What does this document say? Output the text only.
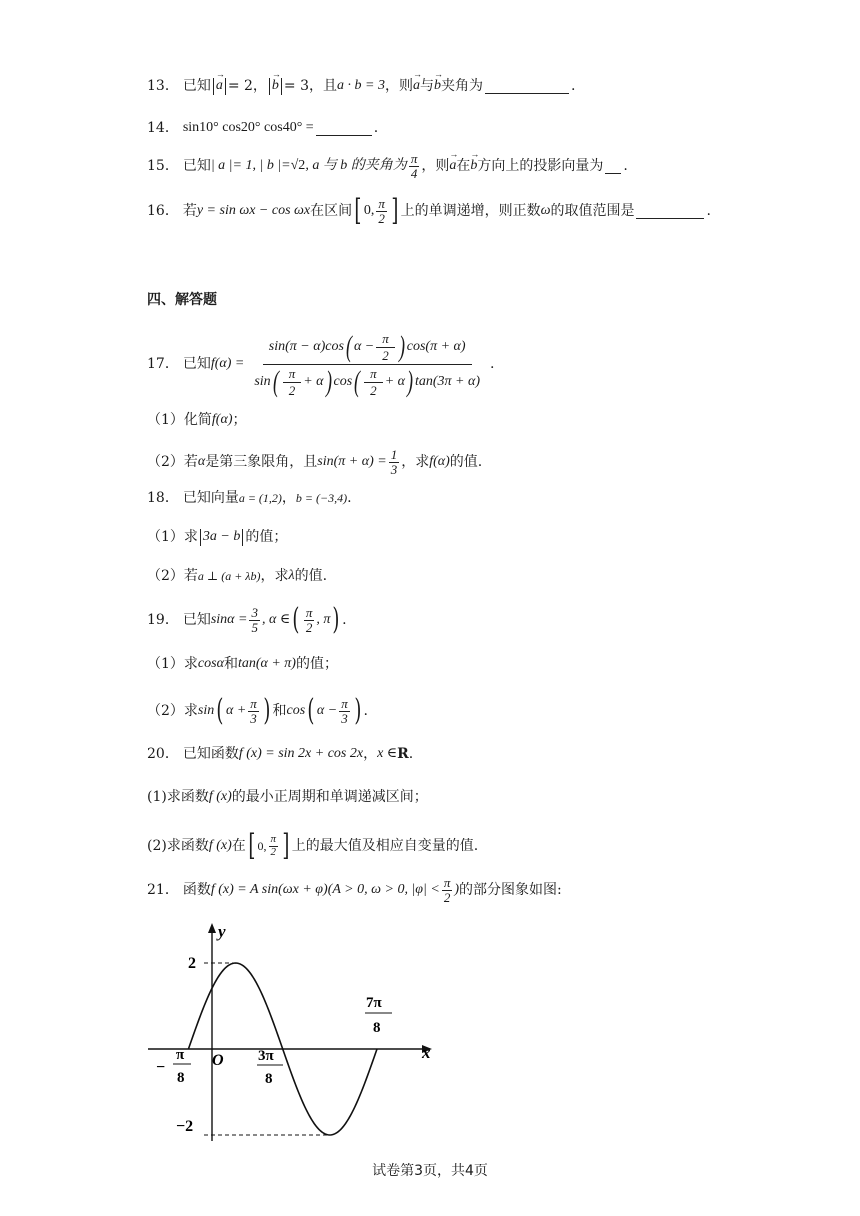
13． 已知 → a = 2， → b = 3，且 a · b = 3 ，则 → a 与 → b 夹角为	.
14． sin10° cos20° cos40° =	.
15． 已知 | a |= 1, | b |= √2 , a 与 b 的夹角为 $\frac{\pi}{4}$ ，则 → a 在 → b 方向上的投影向量为 .
16． 若 y = sin ωx − cos ωx 在区间 [ 0, $\frac{\pi}{2}$ ] 上的单调递增，则正数 ω 的取值范围是	.
四、解答题
17． 已知 f(α) =
sin(π − α)cos ( $\alpha - \frac{\pi}{2}$ ) cos(π + α)
sin ( $\frac{\pi}{2} + \alpha$ ) cos ( $\frac{\pi}{2} + \alpha$ ) tan(3π + α)
.
（1）化简 f(α) ；
（2）若 α 是第三象限角，且 $\sin(\pi + \alpha) = \frac{1}{3}$ ，求 f(α) 的值.
18． 已知向量 a = (1,2) ， b = (−3,4) .
（1）求 3a − b 的值；
（2）若 a ⊥ (a + λb) ，求 λ 的值.
19． 已知 $\sin\alpha = \frac{3}{5}$ , α ∈ ( $\frac{\pi}{2}$ , π ) .
（1）求 cosα 和 tan(α + π) 的值；
（2）求 sin ( $\alpha + \frac{\pi}{3}$ ) 和 cos ( $\alpha - \frac{\pi}{3}$ ) .
20． 已知函数 f (x) = sin 2x + cos 2x ， x ∈ R .
(1)求函数 f (x) 的最小正周期和单调递减区间；
(2)求函数 f (x) 在 [ 0, $\frac{\pi}{2}$ ] 上的最大值及相应自变量的值.
21． 函数 f (x) = A sin(ωx + φ)(A > 0, ω > 0, $|\varphi| < \frac{\pi}{2}$ ) 的部分图象如图:
y
x
O
2
−2
−
π
8
3π
8
7π
8
试卷第3页，共4页
